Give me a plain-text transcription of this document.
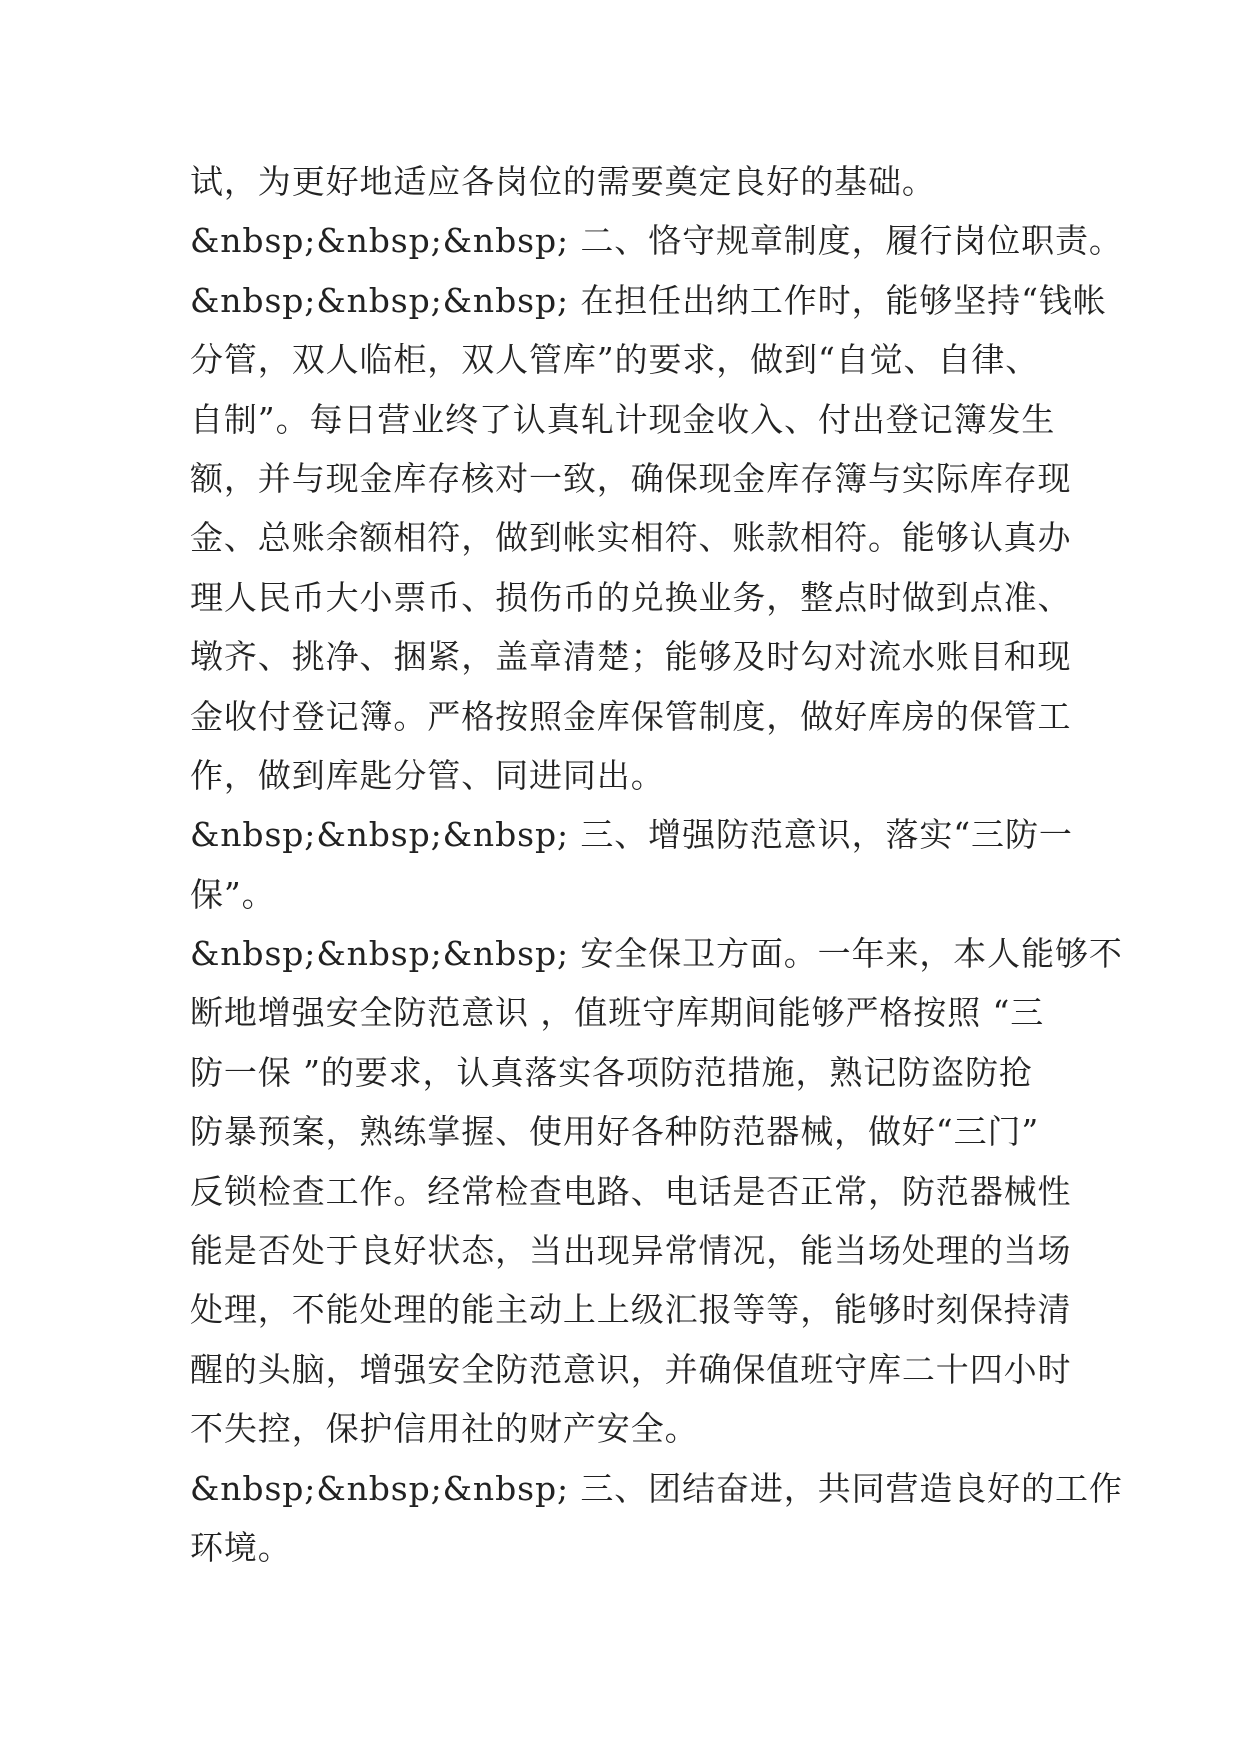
试，为更好地适应各岗位的需要奠定良好的基础。
&nbsp;&nbsp;&nbsp; 二、恪守规章制度，履行岗位职责。
&nbsp;&nbsp;&nbsp; 在担任出纳工作时，能够坚持“钱帐
分管，双人临柜，双人管库”的要求，做到“自觉、自律、
自制”。每日营业终了认真轧计现金收入、付出登记簿发生
额，并与现金库存核对一致，确保现金库存簿与实际库存现
金、总账余额相符，做到帐实相符、账款相符。能够认真办
理人民币大小票币、损伤币的兑换业务，整点时做到点准、
墩齐、挑净、捆紧，盖章清楚；能够及时勾对流水账目和现
金收付登记簿。严格按照金库保管制度，做好库房的保管工
作，做到库匙分管、同进同出。
&nbsp;&nbsp;&nbsp; 三、增强防范意识，落实“三防一
保”。
&nbsp;&nbsp;&nbsp; 安全保卫方面。一年来，本人能够不
断地增强安全防范意识 ，值班守库期间能够严格按照 “三
防一保 ”的要求，认真落实各项防范措施，熟记防盗防抢
防暴预案，熟练掌握、使用好各种防范器械，做好“三门”
反锁检查工作。经常检查电路、电话是否正常，防范器械性
能是否处于良好状态，当出现异常情况，能当场处理的当场
处理，不能处理的能主动上上级汇报等等，能够时刻保持清
醒的头脑，增强安全防范意识，并确保值班守库二十四小时
不失控，保护信用社的财产安全。
&nbsp;&nbsp;&nbsp; 三、团结奋进，共同营造良好的工作
环境。
